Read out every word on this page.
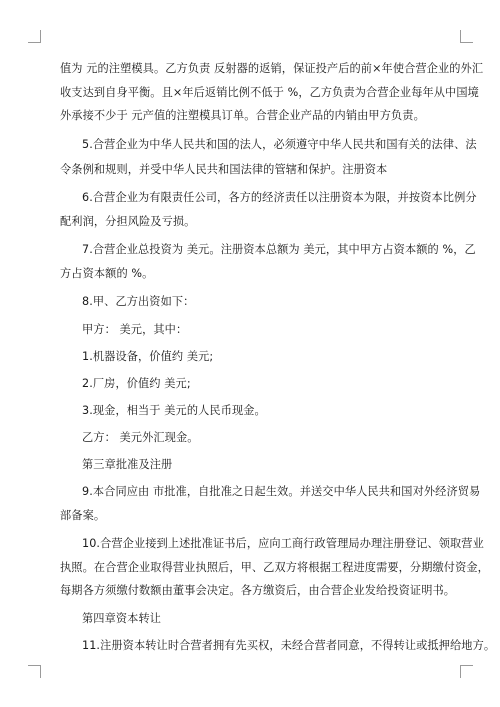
值为 元的注塑模具。乙方负责 反射器的返销，保证投产后的前×年使合营企业的外汇
收支达到自身平衡。且×年后返销比例不低于 %，乙方负责为合营企业每年从中国境
外承接不少于 元产值的注塑模具订单。合营企业产品的内销由甲方负责。
5.合营企业为中华人民共和国的法人，必须遵守中华人民共和国有关的法律、法
令条例和规则，并受中华人民共和国法律的管辖和保护。注册资本
6.合营企业为有限责任公司，各方的经济责任以注册资本为限，并按资本比例分
配利润，分担风险及亏损。
7.合营企业总投资为 美元。注册资本总额为 美元，其中甲方占资本额的 %，乙
方占资本额的 %。
8.甲、乙方出资如下：
甲方： 美元，其中：
1.机器设备，价值约 美元;
2.厂房，价值约 美元;
3.现金，相当于 美元的人民币现金。
乙方： 美元外汇现金。
第三章批准及注册
9.本合同应由 市批准，自批准之日起生效。并送交中华人民共和国对外经济贸易
部备案。
10.合营企业接到上述批准证书后，应向工商行政管理局办理注册登记、领取营业
执照。在合营企业取得营业执照后，甲、乙双方将根据工程进度需要，分期缴付资金，
每期各方须缴付数额由董事会决定。各方缴资后，由合营企业发给投资证明书。
第四章资本转让
11.注册资本转让时合营者拥有先买权，未经合营者同意，不得转让或抵押给地方。
